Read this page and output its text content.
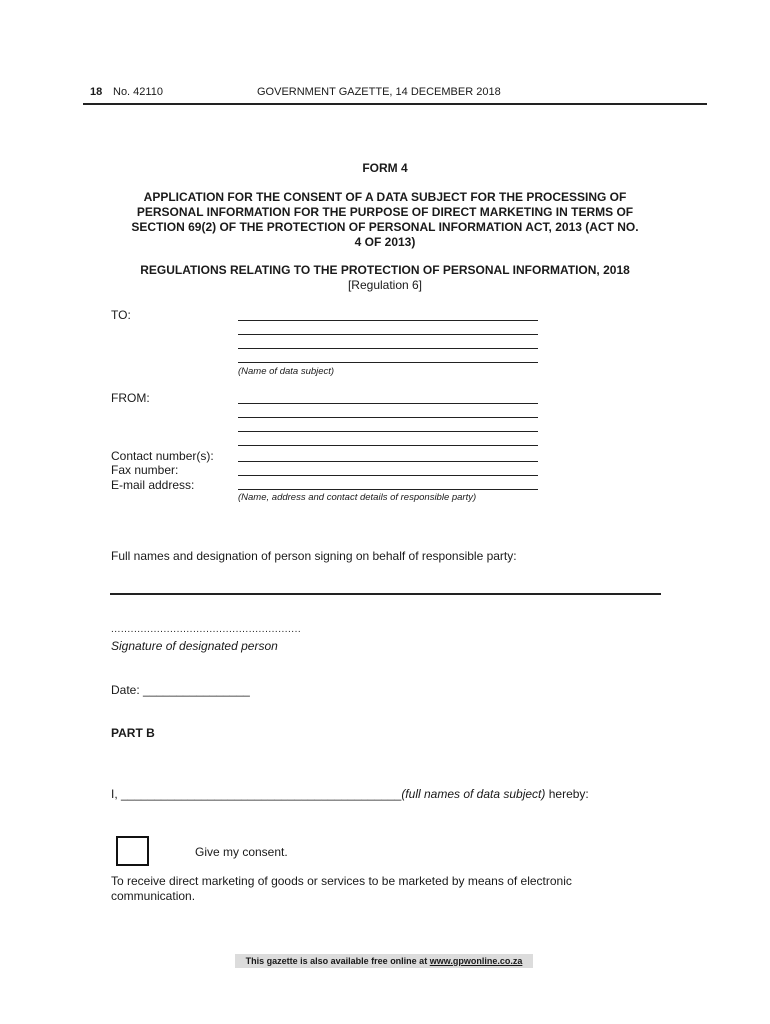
18 No. 42110	GOVERNMENT GAZETTE, 14 DECEMBER 2018
FORM 4
APPLICATION FOR THE CONSENT OF A DATA SUBJECT FOR THE PROCESSING OF
PERSONAL INFORMATION FOR THE PURPOSE OF DIRECT MARKETING IN TERMS OF
SECTION 69(2) OF THE PROTECTION OF PERSONAL INFORMATION ACT, 2013 (ACT NO.
4 OF 2013)
REGULATIONS RELATING TO THE PROTECTION OF PERSONAL INFORMATION, 2018
[Regulation 6]
TO:
(Name of data subject)
FROM:
Contact number(s):
Fax number:
E-mail address:
(Name, address and contact details of responsible party)
Full names and designation of person signing on behalf of responsible party:
..........................................................
Signature of designated person
Date: ________________
PART B
I, __________________________________________(full names of data subject) hereby:
Give my consent.
To receive direct marketing of goods or services to be marketed by means of electronic
communication.
This gazette is also available free online at www.gpwonline.co.za
